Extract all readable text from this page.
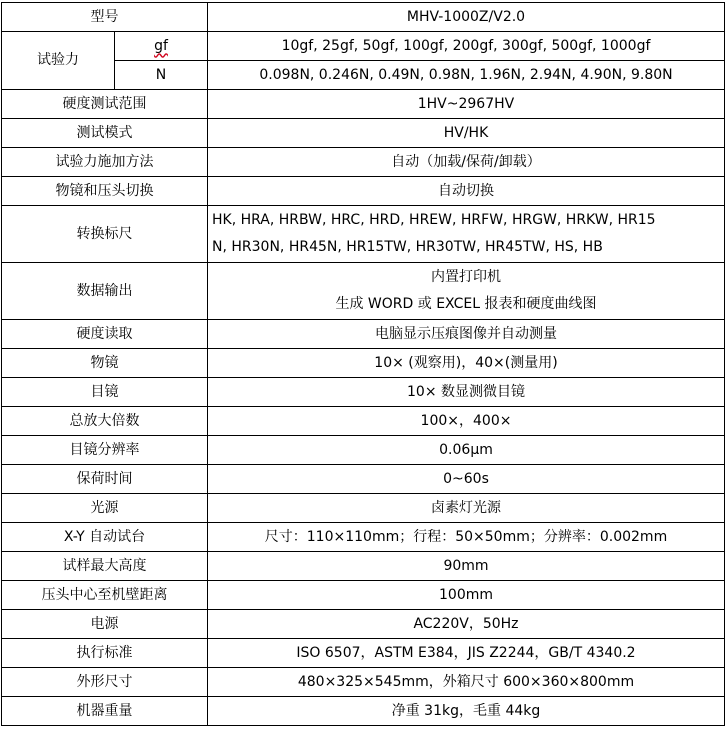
型号		MHV-1000Z/V2.0
试验力	gf	10gf, 25gf, 50gf, 100gf, 200gf, 300gf, 500gf, 1000gf
	N	0.098N, 0.246N, 0.49N, 0.98N, 1.96N, 2.94N, 4.90N, 9.80N
硬度测试范围		1HV~2967HV
测试模式		HV/HK
试验力施加方法		自动（加载/保荷/卸载）
物镜和压头切换		自动切换
转换标尺		HK, HRA, HRBW, HRC, HRD, HREW, HRFW, HRGW, HRKW, HR15
N, HR30N, HR45N, HR15TW, HR30TW, HR45TW, HS, HB
数据输出		内置打印机
生成 WORD 或 EXCEL 报表和硬度曲线图
硬度读取		电脑显示压痕图像并自动测量
物镜		10× (观察用)，40×(测量用)
目镜		10× 数显测微目镜
总放大倍数		100×，400×
目镜分辨率		0.06μm
保荷时间		0~60s
光源		卤素灯光源
X-Y 自动试台		尺寸：110×110mm；行程：50×50mm；分辨率：0.002mm
试样最大高度		90mm
压头中心至机壁距离		100mm
电源		AC220V，50Hz
执行标准		ISO 6507，ASTM E384，JIS Z2244，GB/T 4340.2
外形尺寸		480×325×545mm，外箱尺寸 600×360×800mm
机器重量		净重 31kg，毛重 44kg
